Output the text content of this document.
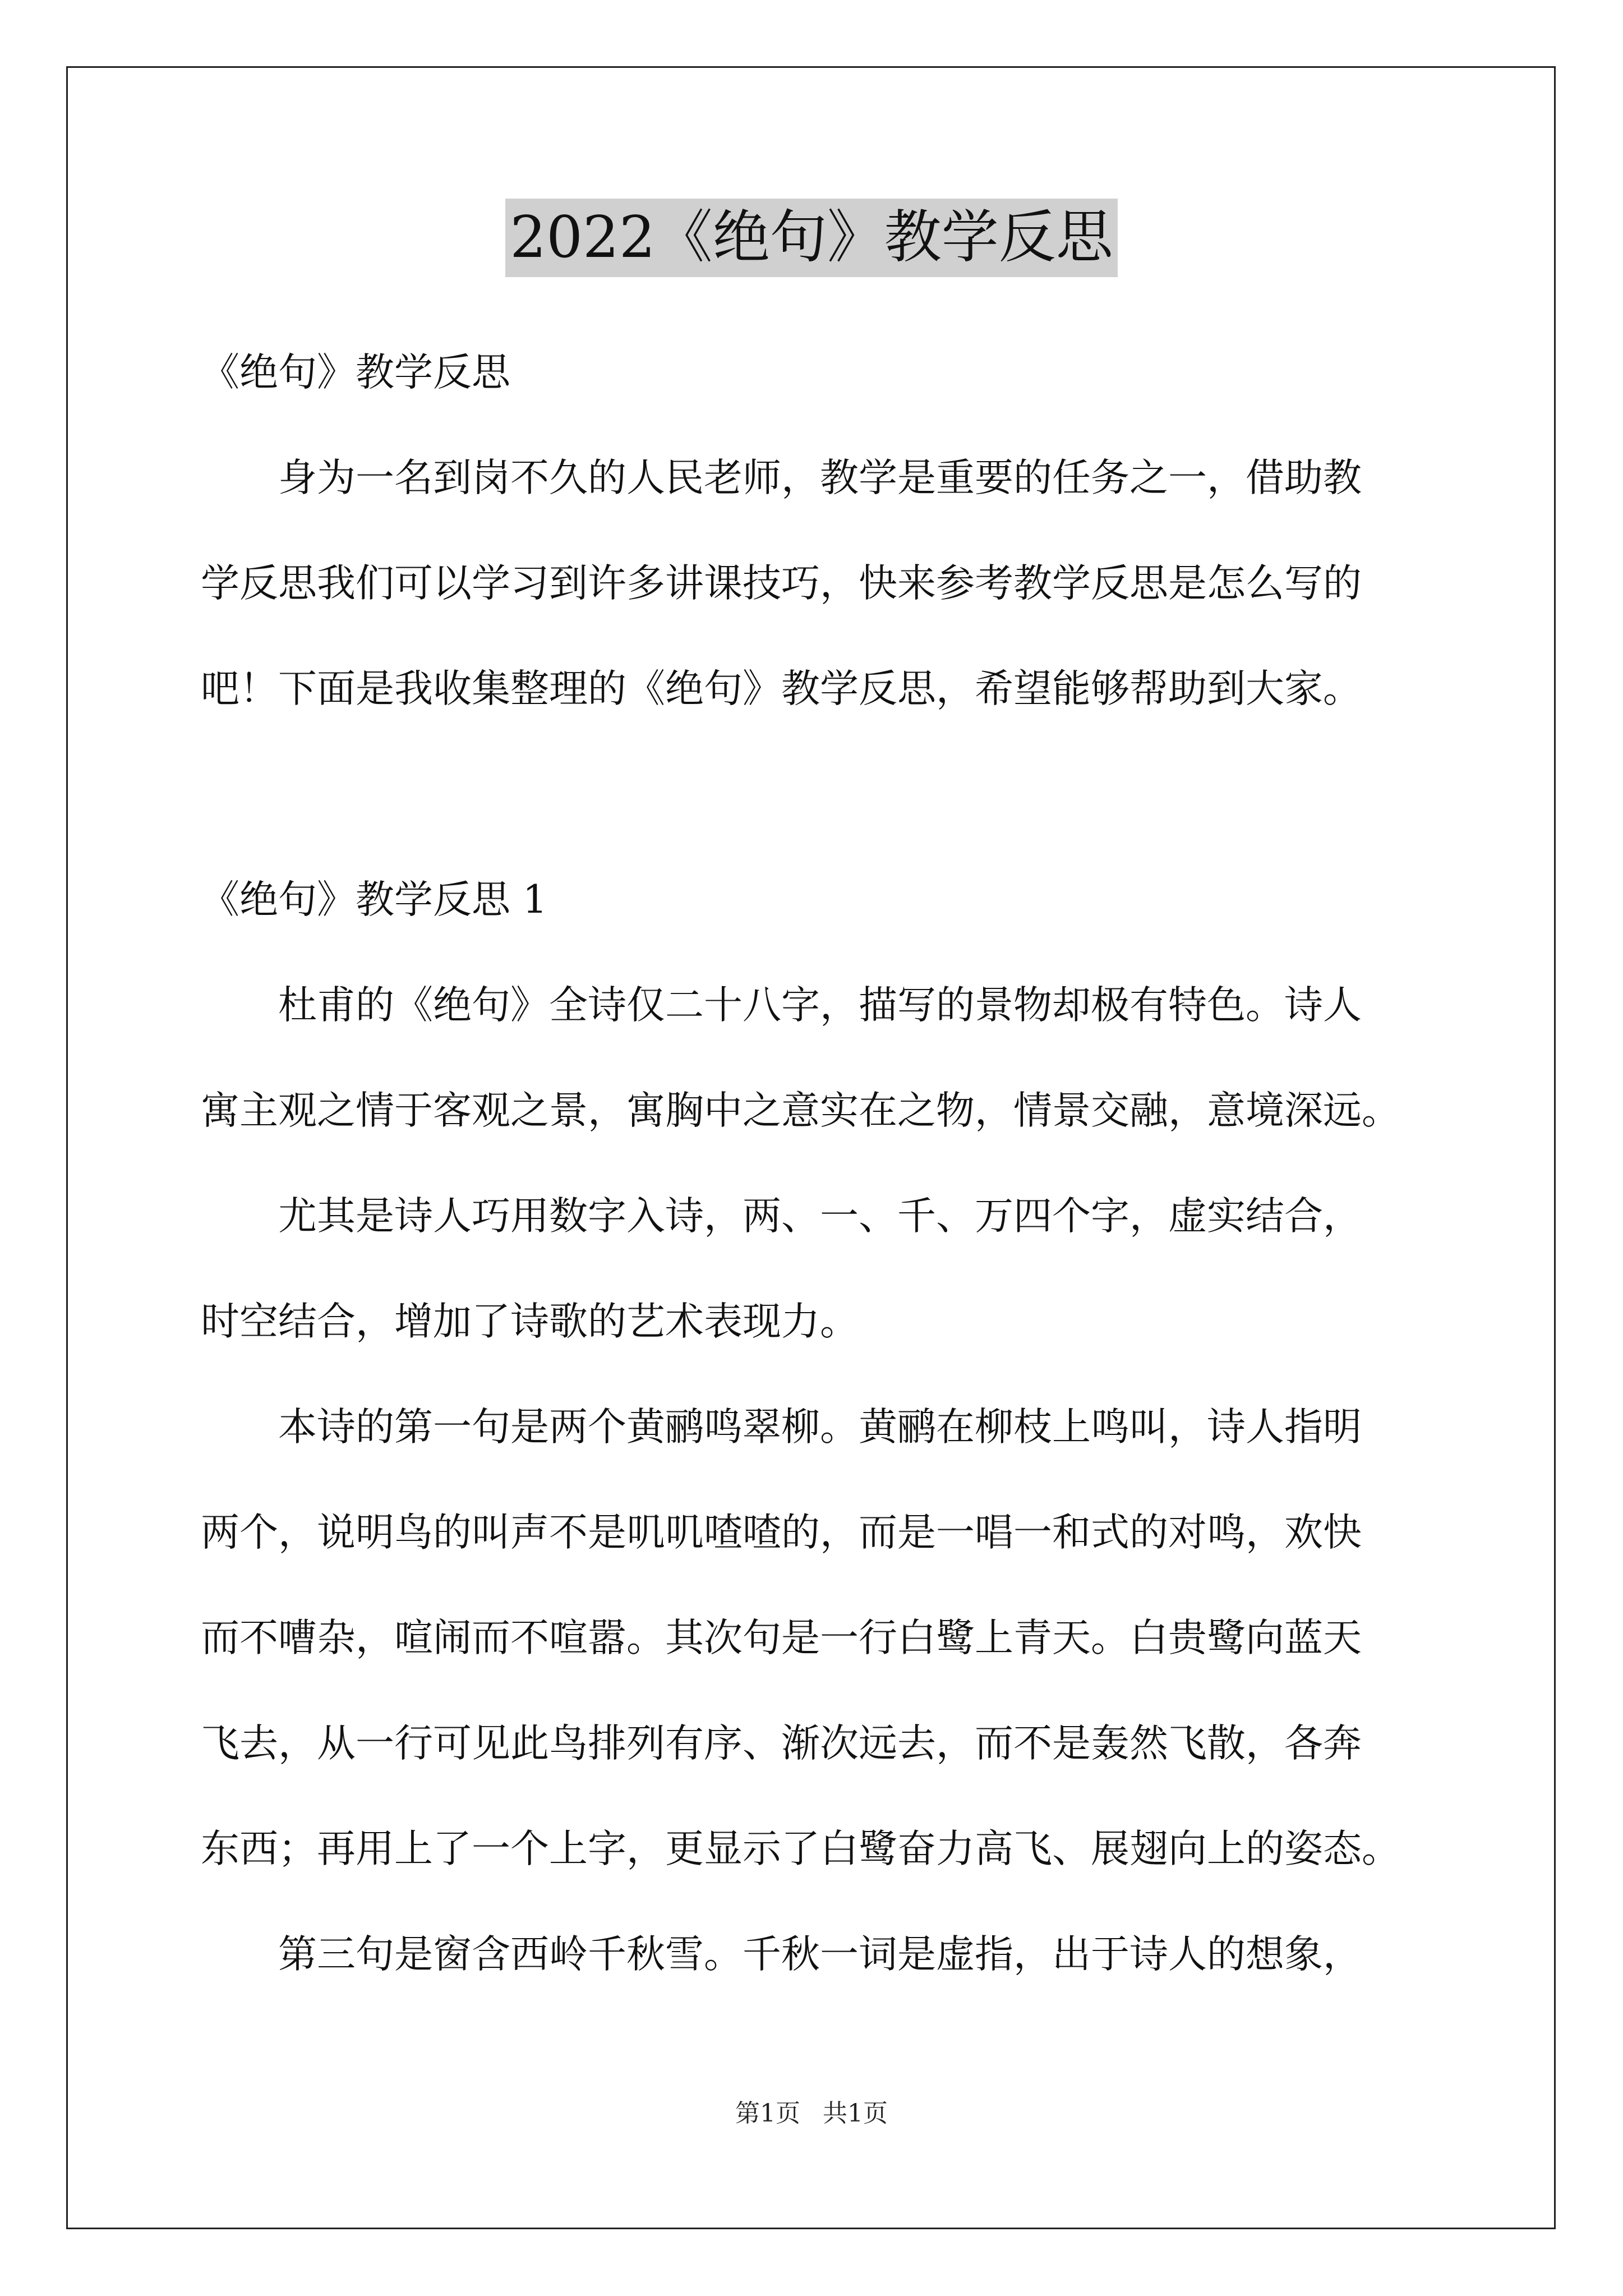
2022《绝句》教学反思

《绝句》教学反思

　　身为一名到岗不久的人民老师，教学是重要的任务之一，借助教

学反思我们可以学习到许多讲课技巧，快来参考教学反思是怎么写的

吧！下面是我收集整理的《绝句》教学反思，希望能够帮助到大家。

《绝句》教学反思 1

　　杜甫的《绝句》全诗仅二十八字，描写的景物却极有特色。诗人

寓主观之情于客观之景，寓胸中之意实在之物，情景交融，意境深远。

　　尤其是诗人巧用数字入诗，两、一、千、万四个字，虚实结合，

时空结合，增加了诗歌的艺术表现力。

　　本诗的第一句是两个黄鹂鸣翠柳。黄鹂在柳枝上鸣叫，诗人指明

两个，说明鸟的叫声不是叽叽喳喳的，而是一唱一和式的对鸣，欢快

而不嘈杂，喧闹而不喧嚣。其次句是一行白鹭上青天。白贵鹭向蓝天

飞去，从一行可见此鸟排列有序、渐次远去，而不是轰然飞散，各奔

东西；再用上了一个上字，更显示了白鹭奋力高飞、展翅向上的姿态。

　　第三句是窗含西岭千秋雪。千秋一词是虚指，出于诗人的想象，

第1页 共1页
